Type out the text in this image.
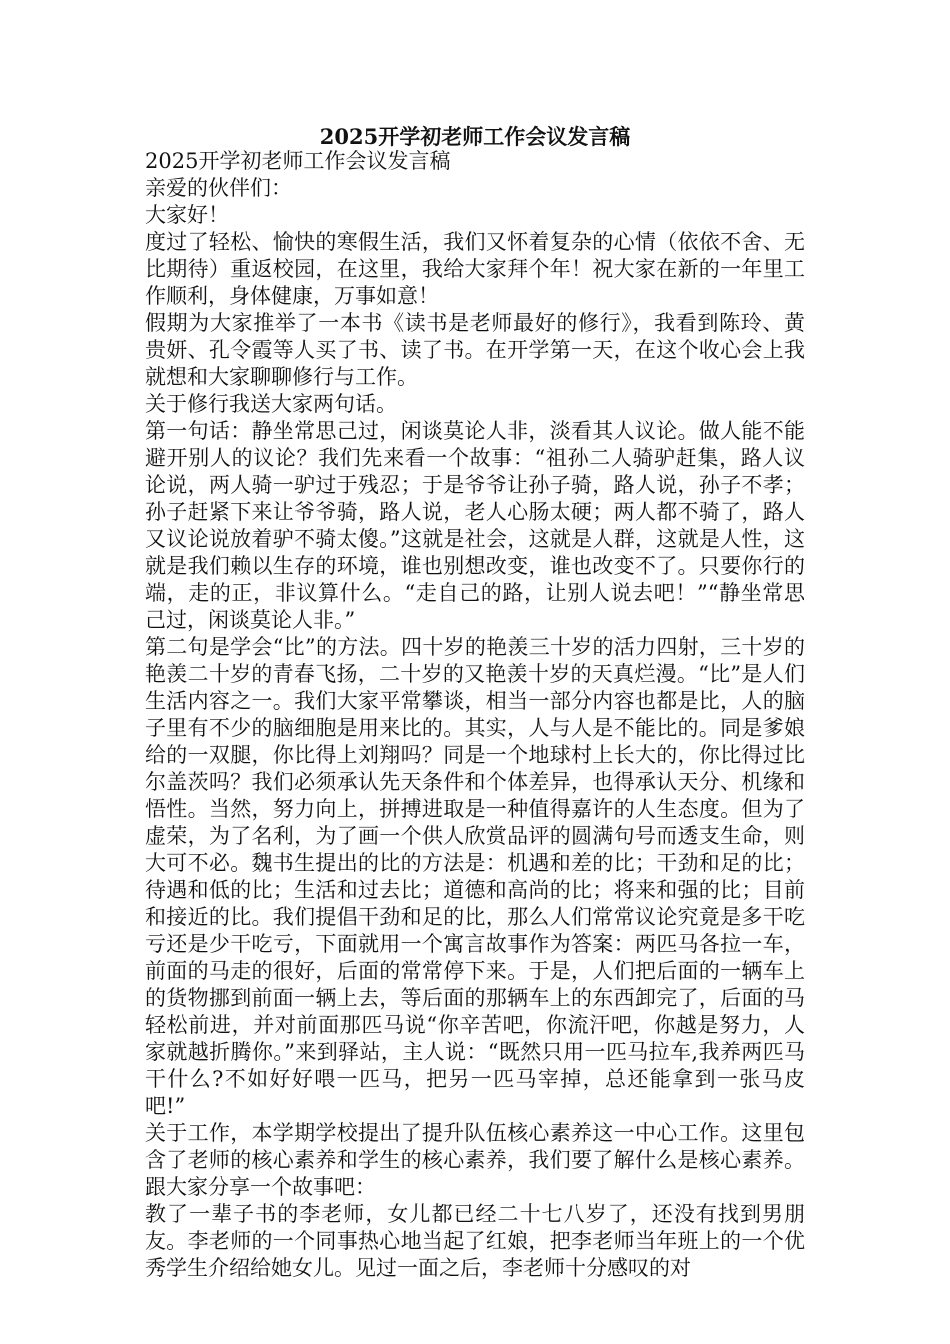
2025开学初老师工作会议发言稿

2025开学初老师工作会议发言稿

亲爱的伙伴们：

大家好！

度过了轻松、愉快的寒假生活，我们又怀着复杂的心情（依依不舍、无比期待）重返校园，在这里，我给大家拜个年！祝大家在新的一年里工作顺利，身体健康，万事如意！

假期为大家推举了一本书《读书是老师最好的修行》，我看到陈玲、黄贵妍、孔令霞等人买了书、读了书。在开学第一天，在这个收心会上我就想和大家聊聊修行与工作。

关于修行我送大家两句话。

第一句话：静坐常思己过，闲谈莫论人非，淡看其人议论。做人能不能避开别人的议论？我们先来看一个故事：“祖孙二人骑驴赶集，路人议论说，两人骑一驴过于残忍；于是爷爷让孙子骑，路人说，孙子不孝；孙子赶紧下来让爷爷骑，路人说，老人心肠太硬；两人都不骑了，路人又议论说放着驴不骑太傻。”这就是社会，这就是人群，这就是人性，这就是我们赖以生存的环境，谁也别想改变，谁也改变不了。只要你行的端，走的正，非议算什么。“走自己的路，让别人说去吧！”“静坐常思己过，闲谈莫论人非。”

第二句是学会“比”的方法。四十岁的艳羡三十岁的活力四射，三十岁的艳羡二十岁的青春飞扬，二十岁的又艳羡十岁的天真烂漫。“比”是人们生活内容之一。我们大家平常攀谈，相当一部分内容也都是比，人的脑子里有不少的脑细胞是用来比的。其实，人与人是不能比的。同是爹娘给的一双腿，你比得上刘翔吗？同是一个地球村上长大的，你比得过比尔盖茨吗？我们必须承认先天条件和个体差异，也得承认天分、机缘和悟性。当然，努力向上，拼搏进取是一种值得嘉许的人生态度。但为了虚荣，为了名利，为了画一个供人欣赏品评的圆满句号而透支生命，则大可不必。魏书生提出的比的方法是：机遇和差的比；干劲和足的比；待遇和低的比；生活和过去比；道德和高尚的比；将来和强的比；目前和接近的比。我们提倡干劲和足的比，那么人们常常议论究竟是多干吃亏还是少干吃亏，下面就用一个寓言故事作为答案：两匹马各拉一车，前面的马走的很好，后面的常常停下来。于是，人们把后面的一辆车上的货物挪到前面一辆上去，等后面的那辆车上的东西卸完了，后面的马轻松前进，并对前面那匹马说“你辛苦吧，你流汗吧，你越是努力，人家就越折腾你。”来到驿站，主人说：“既然只用一匹马拉车,我养两匹马干什么?不如好好喂一匹马，把另一匹马宰掉，总还能拿到一张马皮吧!”

关于工作，本学期学校提出了提升队伍核心素养这一中心工作。这里包含了老师的核心素养和学生的核心素养，我们要了解什么是核心素养。跟大家分享一个故事吧：

教了一辈子书的李老师，女儿都已经二十七八岁了，还没有找到男朋友。李老师的一个同事热心地当起了红娘，把李老师当年班上的一个优秀学生介绍给她女儿。见过一面之后，李老师十分感叹的对
